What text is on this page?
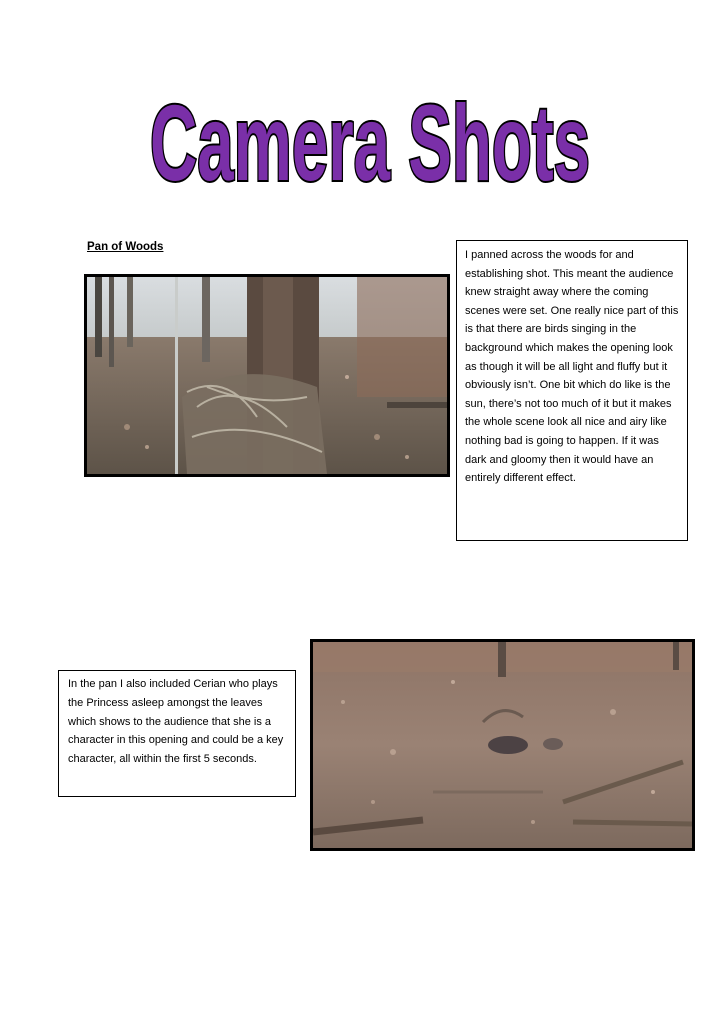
Camera Shots
Pan of Woods
I panned across the woods for and establishing shot. This meant the audience knew straight away where the coming scenes were set. One really nice part of this is that there are birds singing in the background which makes the opening look as though it will be all light and fluffy but it obviously isn’t. One bit which do like is the sun, there’s not too much of it but it makes the whole scene look all nice and airy like nothing bad is going to happen. If it was dark and gloomy then it would have an entirely different effect.
In the pan I also included Cerian who plays the Princess asleep amongst the leaves which shows to the audience that she is a character in this opening and could be a key character, all within the first 5 seconds.
